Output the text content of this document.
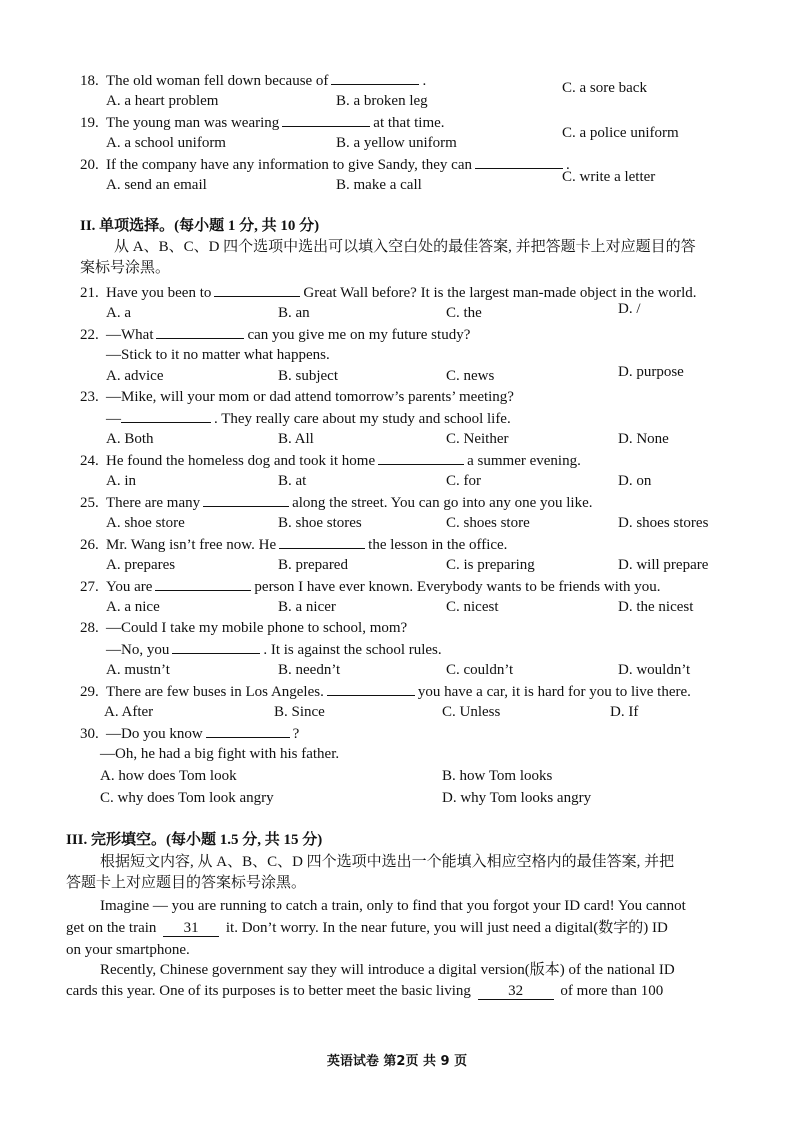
18. The old woman fell down because of	.
A. a heart problem	B. a broken leg
C. a sore back
19. The young man was wearing	at that time.
A. a school uniform	B. a yellow uniform
C. a police uniform
20. If the company have any information to give Sandy, they can	.
A. send an email	B. make a call	C. write a letter
II. 单项选择。(每小题 1 分, 共 10 分)
从 A、B、C、D 四个选项中选出可以填入空白处的最佳答案, 并把答题卡上对应题目的答

案标号涂黑。
21. Have you been to	Great Wall before? It is the largest man-made object in the world.
A. a	B. an	C. the	D. /
22. —What	can you give me on my future study?
—Stick to it no matter what happens.
A. advice	B. subject	C. news	D. purpose
23. —Mike, will your mom or dad attend tomorrow’s parents’ meeting?
—	. They really care about my study and school life.
A. Both	B. All	C. Neither	D. None
24. He found the homeless dog and took it home	a summer evening.
A. in	B. at	C. for	D. on
25. There are many	along the street. You can go into any one you like.
A. shoe store	B. shoe stores	C. shoes store	D. shoes stores
26. Mr. Wang isn’t free now. He	the lesson in the office.
A. prepares	B. prepared	C. is preparing	D. will prepare
27. You are	person I have ever known. Everybody wants to be friends with you.
A. a nice	B. a nicer	C. nicest	D. the nicest
28. —Could I take my mobile phone to school, mom?
—No, you	. It is against the school rules.
A. mustn’t	B. needn’t	C. couldn’t	D. wouldn’t
29. There are few buses in Los Angeles.	you have a car, it is hard for you to live there.
A. After	B. Since	C. Unless	D. If
30. —Do you know	?
—Oh, he had a big fight with his father.
A. how does Tom look	B. how Tom looks
C. why does Tom look angry	D. why Tom looks angry
III. 完形填空。(每小题 1.5 分, 共 15 分)
根据短文内容, 从 A、B、C、D 四个选项中选出一个能填入相应空格内的最佳答案, 并把
答题卡上对应题目的答案标号涂黑。
Imagine — you are running to catch a train, only to find that you forgot your ID card! You cannot
get on the train 31 it. Don’t worry. In the near future, you will just need a digital(数字的) ID
on your smartphone.
Recently, Chinese government say they will introduce a digital version(版本) of the national ID
cards this year. One of its purposes is to better meet the basic living 32 of more than 100
英语试卷 第2页 共 9 页
